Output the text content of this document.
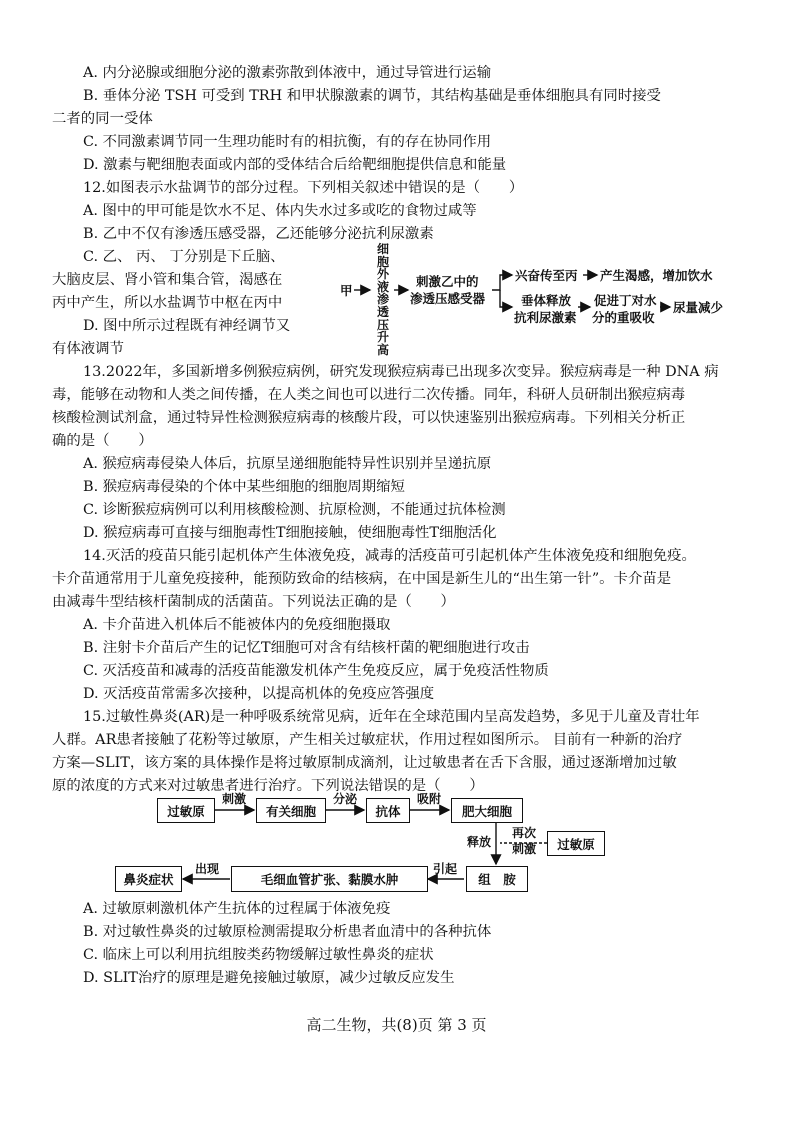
A. 内分泌腺或细胞分泌的激素弥散到体液中，通过导管进行运输
B. 垂体分泌 TSH 可受到 TRH 和甲状腺激素的调节，其结构基础是垂体细胞具有同时接受
二者的同一受体
C. 不同激素调节同一生理功能时有的相抗衡，有的存在协同作用
D. 激素与靶细胞表面或内部的受体结合后给靶细胞提供信息和能量
12.如图表示水盐调节的部分过程。下列相关叙述中错误的是（　　）
A. 图中的甲可能是饮水不足、体内失水过多或吃的食物过咸等
B. 乙中不仅有渗透压感受器，乙还能够分泌抗利尿激素
C. 乙、 丙、 丁分别是下丘脑、
大脑皮层、肾小管和集合管，渴感在
丙中产生，所以水盐调节中枢在丙中
D. 图中所示过程既有神经调节又
有体液调节
甲
细
胞
外
液
渗
透
压
升
高
刺激乙中的
渗透压感受器
兴奋传至丙 产生渴感，增加饮水
垂体释放
抗利尿激素
促进丁对水
分的重吸收
尿量减少
13.2022年，多国新增多例猴痘病例，研究发现猴痘病毒已出现多次变异。猴痘病毒是一种 DNA 病
毒，能够在动物和人类之间传播，在人类之间也可以进行二次传播。同年，科研人员研制出猴痘病毒
核酸检测试剂盒，通过特异性检测猴痘病毒的核酸片段，可以快速鉴别出猴痘病毒。下列相关分析正
确的是（　　）
A. 猴痘病毒侵染人体后，抗原呈递细胞能特异性识别并呈递抗原
B. 猴痘病毒侵染的个体中某些细胞的细胞周期缩短
C. 诊断猴痘病例可以利用核酸检测、抗原检测，不能通过抗体检测
D. 猴痘病毒可直接与细胞毒性T细胞接触，使细胞毒性T细胞活化
14.灭活的疫苗只能引起机体产生体液免疫，减毒的活疫苗可引起机体产生体液免疫和细胞免疫。
卡介苗通常用于儿童免疫接种，能预防致命的结核病，在中国是新生儿的“出生第一针”。卡介苗是
由减毒牛型结核杆菌制成的活菌苗。下列说法正确的是（　　）
A. 卡介苗进入机体后不能被体内的免疫细胞摄取
B. 注射卡介苗后产生的记忆T细胞可对含有结核杆菌的靶细胞进行攻击
C. 灭活疫苗和减毒的活疫苗能激发机体产生免疫反应，属于免疫活性物质
D. 灭活疫苗常需多次接种，以提高机体的免疫应答强度
15.过敏性鼻炎(AR)是一种呼吸系统常见病，近年在全球范围内呈高发趋势，多见于儿童及青壮年
人群。AR患者接触了花粉等过敏原，产生相关过敏症状，作用过程如图所示。 目前有一种新的治疗
方案—SLIT，该方案的具体操作是将过敏原制成滴剂，让过敏患者在舌下含服，通过逐渐增加过敏
原的浓度的方式来对过敏患者进行治疗。下列说法错误的是（　　）
过敏原
刺激
有关细胞
分泌
抗体
吸附
肥大细胞
释放
再次
刺激 过敏原
组　胺
引起
毛细血管扩张、黏膜水肿
出现
鼻炎症状
A. 过敏原刺激机体产生抗体的过程属于体液免疫
B. 对过敏性鼻炎的过敏原检测需提取分析患者血清中的各种抗体
C. 临床上可以利用抗组胺类药物缓解过敏性鼻炎的症状
D. SLIT治疗的原理是避免接触过敏原，减少过敏反应发生
高二生物，共(8)页 第 3 页
